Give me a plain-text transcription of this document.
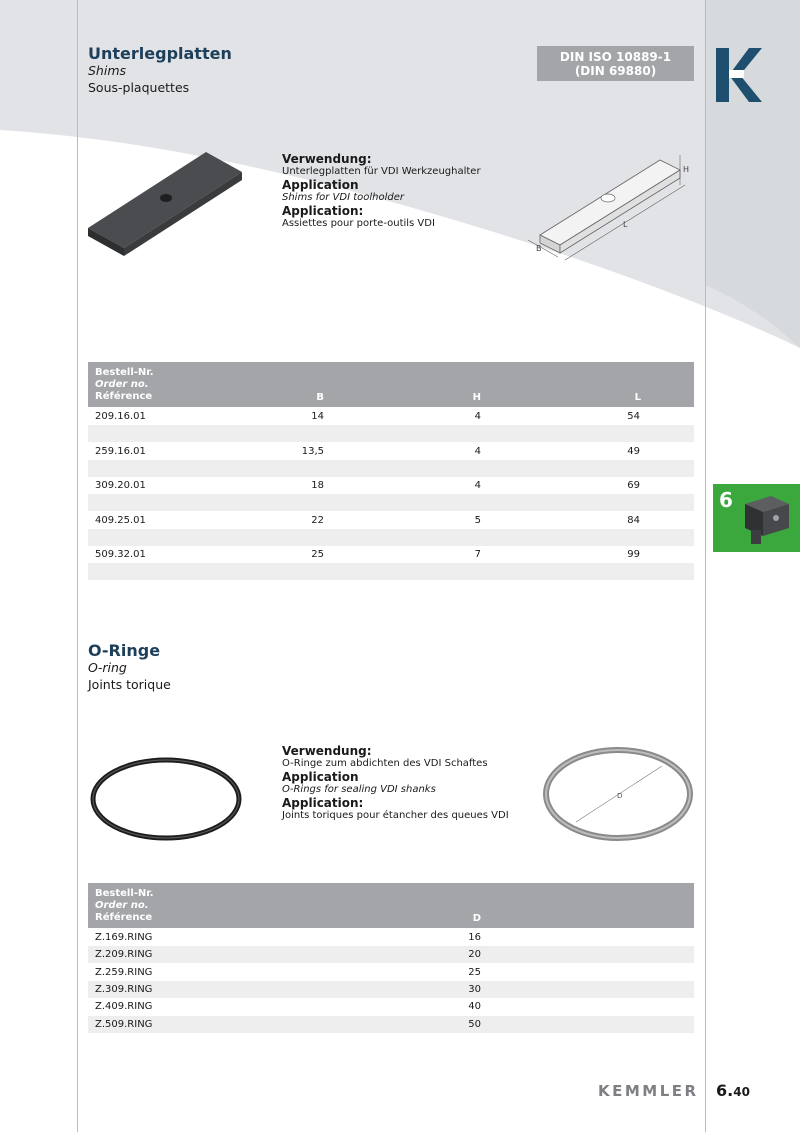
Unterlegplatten
Shims
Sous-plaquettes
DIN ISO 10889-1
(DIN 69880)
Verwendung:
Unterlegplatten für VDI Werkzeughalter
Application
Shims for VDI toolholder
Application:
Assiettes pour porte-outils VDI
H
L
B
Bestell-Nr.
Order no.
Référence	B	H	L
209.16.01	14	4	54
259.16.01	13,5	4	49
309.20.01	18	4	69
409.25.01	22	5	84
509.32.01	25	7	99
6
O-Ringe
O-ring
Joints torique
Verwendung:
O-Ringe zum abdichten des VDI Schaftes
Application
O-Rings for sealing VDI shanks
Application:
Joints toriques pour étancher des queues VDI
D
Bestell-Nr.
Order no.
Référence	D
Z.169.RING	16
Z.209.RING	20
Z.259.RING	25
Z.309.RING	30
Z.409.RING	40
Z.509.RING	50
KEMMLER 6.40
